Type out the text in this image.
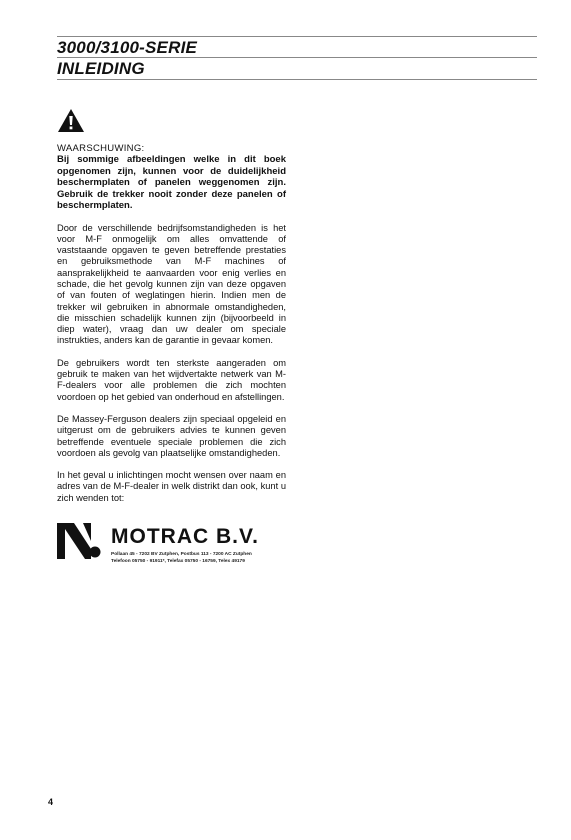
3000/3100-SERIE
INLEIDING
WAARSCHUWING:

Bij sommige afbeeldingen welke in dit boek opgenomen zijn, kunnen voor de duidelijkheid beschermplaten of panelen weggenomen zijn. Gebruik de trekker nooit zonder deze panelen of beschermplaten.

Door de verschillende bedrijfsomstandigheden is het voor M-F onmogelijk om alles omvattende of vaststaande opgaven te geven betreffende prestaties en gebruiksmethode van M-F machines of aansprakelijkheid te aanvaarden voor enig verlies en schade, die het gevolg kunnen zijn van deze opgaven of van fouten of weglatingen hierin. Indien men de trekker wil gebruiken in abnormale omstandigheden, die misschien schadelijk kunnen zijn (bijvoorbeeld in diep water), vraag dan uw dealer om speciale instrukties, anders kan de garantie in gevaar komen.

De gebruikers wordt ten sterkste aangeraden om gebruik te maken van het wijdvertakte netwerk van M-F-dealers voor alle problemen die zich mochten voordoen op het gebied van onderhoud en afstellingen.

De Massey-Ferguson dealers zijn speciaal opgeleid en uitgerust om de gebruikers advies te kunnen geven betreffende eventuele speciale problemen die zich voordoen als gevolg van plaatselijke omstandigheden.

In het geval u inlichtingen mocht wensen over naam en adres van de M-F-dealer in welk distrikt dan ook, kunt u zich wenden tot:

MOTRAC B.V.
Pollaan 45 - 7202 BV Zutphen, Postbus 113 - 7200 AC Zutphen
Telefoon 05750 - 91911*, Telefax 05750 - 16759, Telex 49179
4
